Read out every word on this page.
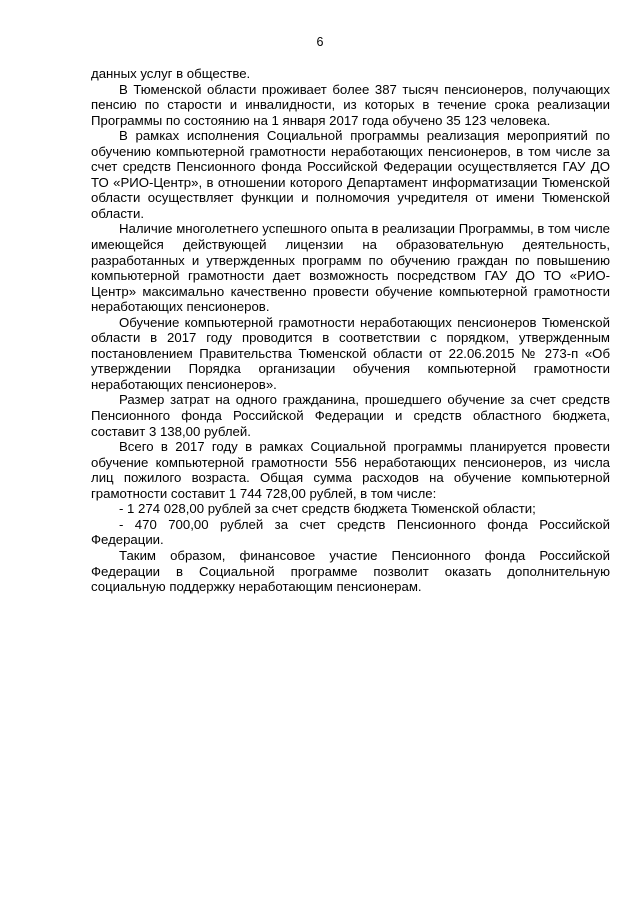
6

данных услуг в обществе.

В Тюменской области проживает более 387 тысяч пенсионеров, получающих пенсию по старости и инвалидности, из которых в течение срока реализации Программы по состоянию на 1 января 2017 года обучено 35 123 человека.

В рамках исполнения Социальной программы реализация мероприятий по обучению компьютерной грамотности неработающих пенсионеров, в том числе за счет средств Пенсионного фонда Российской Федерации осуществляется ГАУ ДО ТО «РИО-Центр», в отношении которого Департамент информатизации Тюменской области осуществляет функции и полномочия учредителя от имени Тюменской области.

Наличие многолетнего успешного опыта в реализации Программы, в том числе имеющейся действующей лицензии на образовательную деятельность, разработанных и утвержденных программ по обучению граждан по повышению компьютерной грамотности дает возможность посредством ГАУ ДО ТО «РИО-Центр» максимально качественно провести обучение компьютерной грамотности неработающих пенсионеров.

Обучение компьютерной грамотности неработающих пенсионеров Тюменской области в 2017 году проводится в соответствии с порядком, утвержденным постановлением Правительства Тюменской области от 22.06.2015 № 273-п «Об утверждении Порядка организации обучения компьютерной грамотности неработающих пенсионеров».

Размер затрат на одного гражданина, прошедшего обучение за счет средств Пенсионного фонда Российской Федерации и средств областного бюджета, составит 3 138,00 рублей.

Всего в 2017 году в рамках Социальной программы планируется провести обучение компьютерной грамотности 556 неработающих пенсионеров, из числа лиц пожилого возраста. Общая сумма расходов на обучение компьютерной грамотности составит 1 744 728,00 рублей, в том числе:

- 1 274 028,00 рублей за счет средств бюджета Тюменской области;

- 470 700,00 рублей за счет средств Пенсионного фонда Российской Федерации.

Таким образом, финансовое участие Пенсионного фонда Российской Федерации в Социальной программе позволит оказать дополнительную социальную поддержку неработающим пенсионерам.
